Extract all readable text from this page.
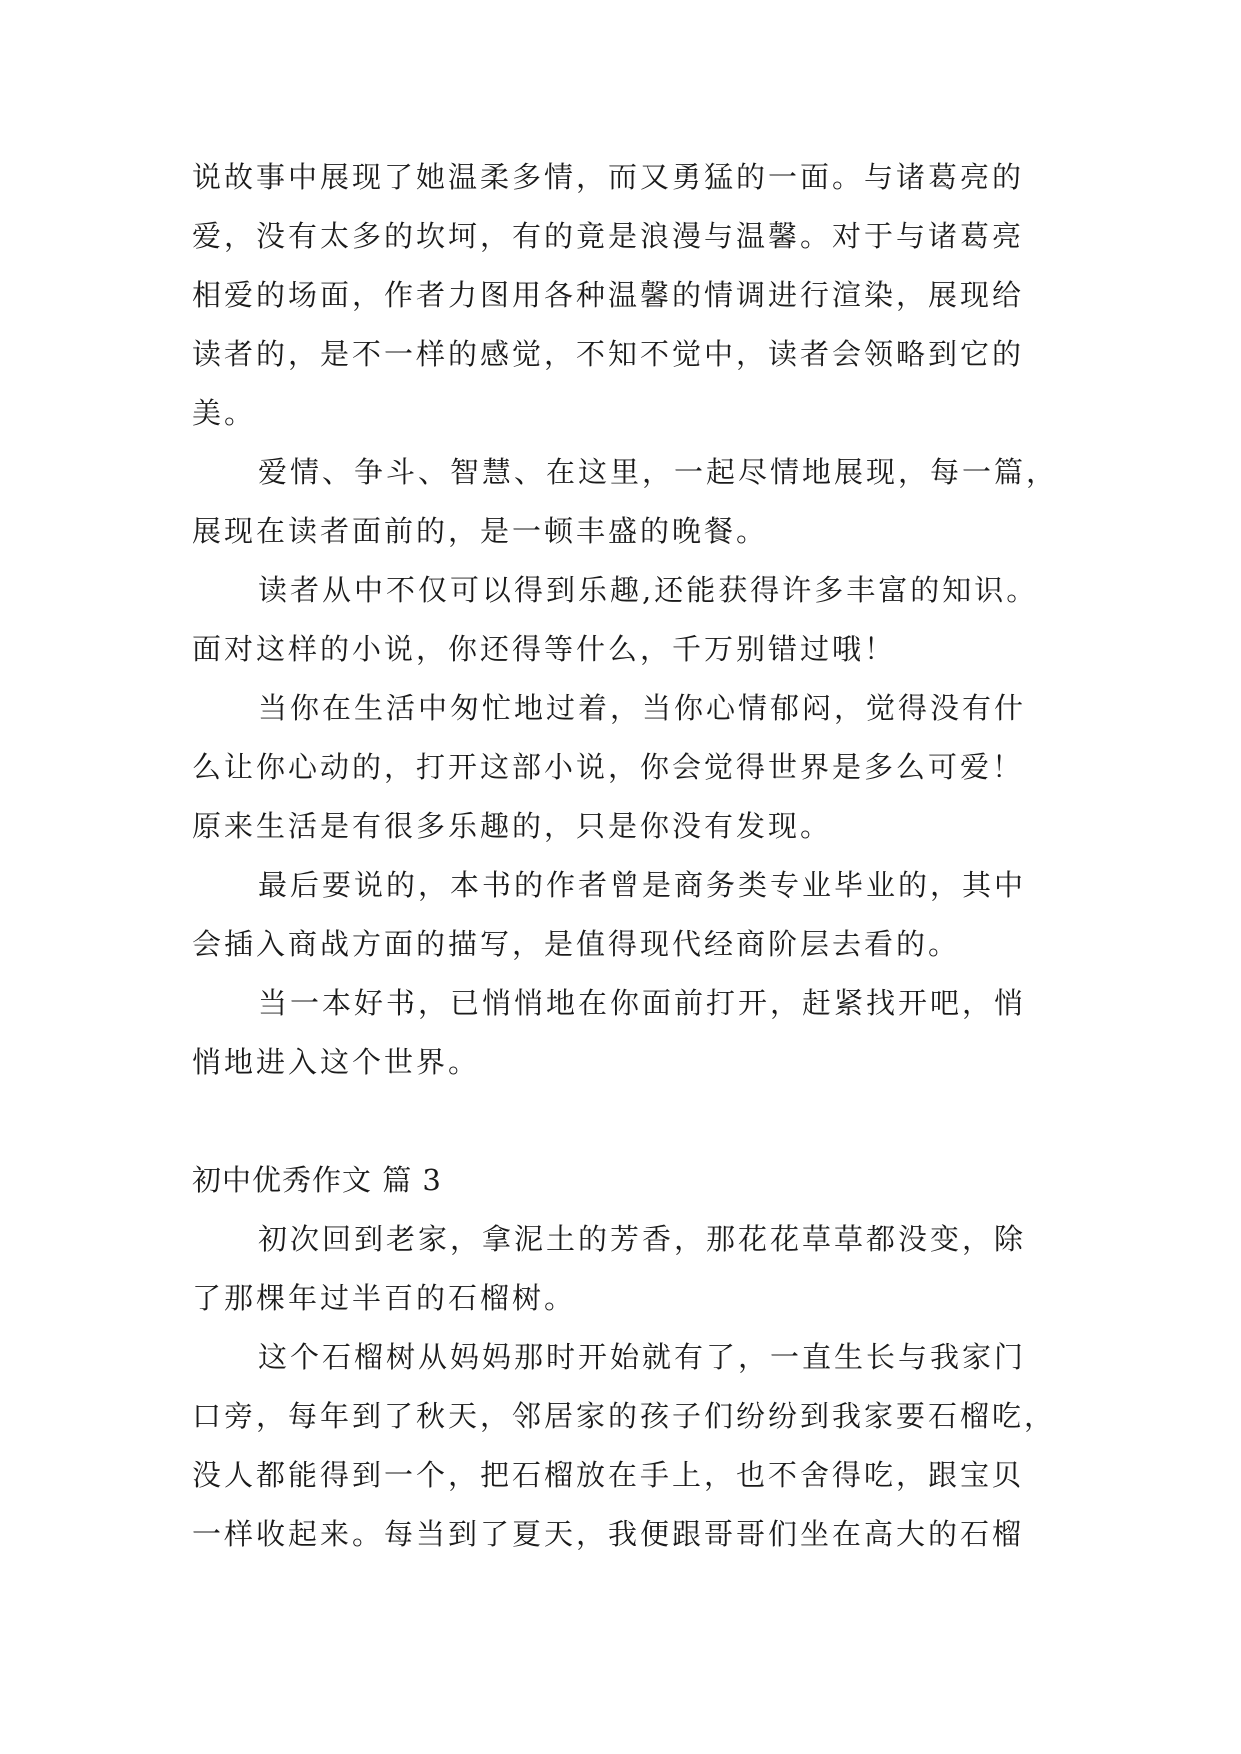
说故事中展现了她温柔多情，而又勇猛的一面。与诸葛亮的
爱，没有太多的坎坷，有的竟是浪漫与温馨。对于与诸葛亮
相爱的场面，作者力图用各种温馨的情调进行渲染，展现给
读者的，是不一样的感觉，不知不觉中，读者会领略到它的
美。
爱情、争斗、智慧、在这里，一起尽情地展现，每一篇，
展现在读者面前的，是一顿丰盛的晚餐。
读者从中不仅可以得到乐趣,还能获得许多丰富的知识。
面对这样的小说，你还得等什么，千万别错过哦！
当你在生活中匆忙地过着，当你心情郁闷，觉得没有什
么让你心动的，打开这部小说，你会觉得世界是多么可爱！
原来生活是有很多乐趣的，只是你没有发现。
最后要说的，本书的作者曾是商务类专业毕业的，其中
会插入商战方面的描写，是值得现代经商阶层去看的。
当一本好书，已悄悄地在你面前打开，赶紧找开吧，悄
悄地进入这个世界。
初中优秀作文 篇 3
初次回到老家，拿泥土的芳香，那花花草草都没变，除
了那棵年过半百的石榴树。
这个石榴树从妈妈那时开始就有了，一直生长与我家门
口旁，每年到了秋天，邻居家的孩子们纷纷到我家要石榴吃，
没人都能得到一个，把石榴放在手上，也不舍得吃，跟宝贝
一样收起来。每当到了夏天，我便跟哥哥们坐在高大的石榴
